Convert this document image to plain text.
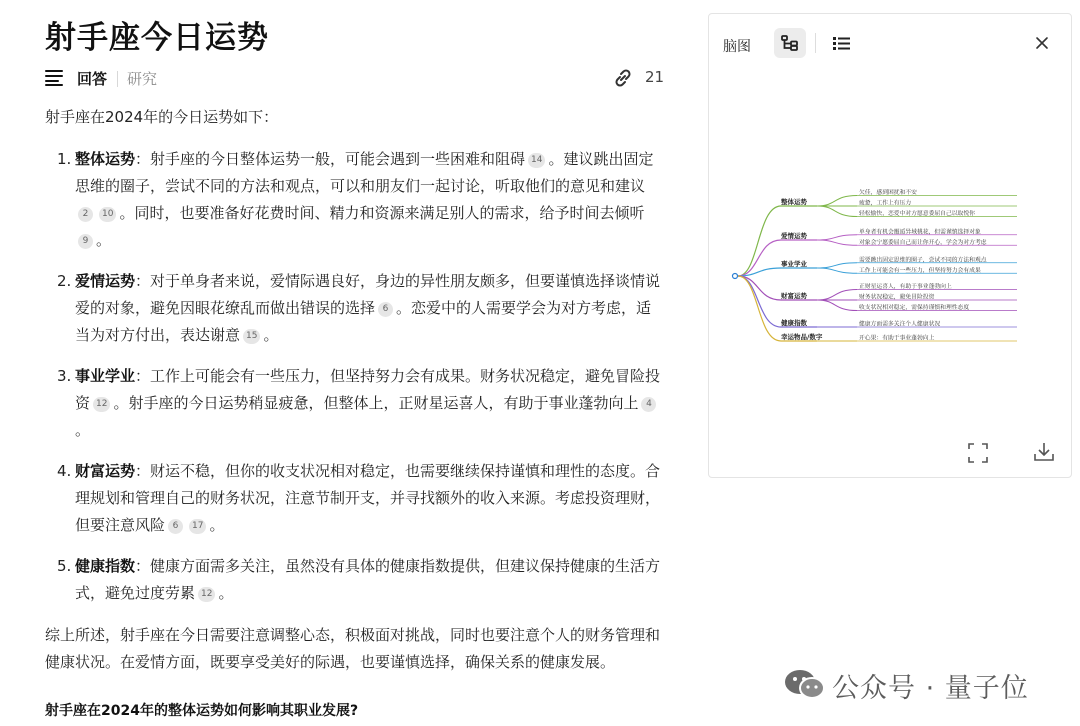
射手座今日运势
回答 研究	21

射手座在2024年的今日运势如下：

1. 整体运势：射手座的今日整体运势一般，可能会遇到一些困难和阻碍 14 。建议跳出固定思维的圈子，尝试不同的方法和观点，可以和朋友们一起讨论，听取他们的意见和建议2 10 。同时，也要准备好花费时间、精力和资源来满足别人的需求，给予时间去倾听9 。
2. 爱情运势：对于单身者来说，爱情际遇良好，身边的异性朋友颇多，但要谨慎选择谈情说爱的对象，避免因眼花缭乱而做出错误的选择 6 。恋爱中的人需要学会为对方考虑，适当为对方付出，表达谢意 15 。
3. 事业学业：工作上可能会有一些压力，但坚持努力会有成果。财务状况稳定，避免冒险投资 12 。射手座的今日运势稍显疲惫，但整体上，正财星运喜人，有助于事业蓬勃向上 4。
4. 财富运势：财运不稳，但你的收支状况相对稳定，也需要继续保持谨慎和理性的态度。合理规划和管理自己的财务状况，注意节制开支，并寻找额外的收入来源。考虑投资理财，但要注意风险 6 17 。
5. 健康指数：健康方面需多关注，虽然没有具体的健康指数提供，但建议保持健康的生活方式，避免过度劳累 12 。

综上所述，射手座在今日需要注意调整心态，积极面对挑战，同时也要注意个人的财务管理和健康状况。在爱情方面，既要享受美好的际遇，也要谨慎选择，确保关系的健康发展。

射手座在2024年的整体运势如何影响其职业发展?

脑图
整体运势
欠佳，感到困扰和不安
疲惫，工作上有压力
轻松愉快，恋爱中对方愿意委屈自己以取悦你
爱情运势	单身者有机会邂逅异域桃花，但需谨慎选择对象
对象会宁愿委屈自己而让你开心，学会为对方考虑
事业学业	需要跳出固定思维的圈子，尝试不同的方法和观点
工作上可能会有一些压力，但坚持努力会有成果
财富运势
正财星运喜人，有助于事业蓬勃向上
财务状况稳定，避免冒险投资
收支状况相对稳定，需保持谨慎和理性态度
健康指数	健康方面需多关注个人健康状况
幸运物品/数字	开心果：有助于事业蓬勃向上
公众号 · 量子位
